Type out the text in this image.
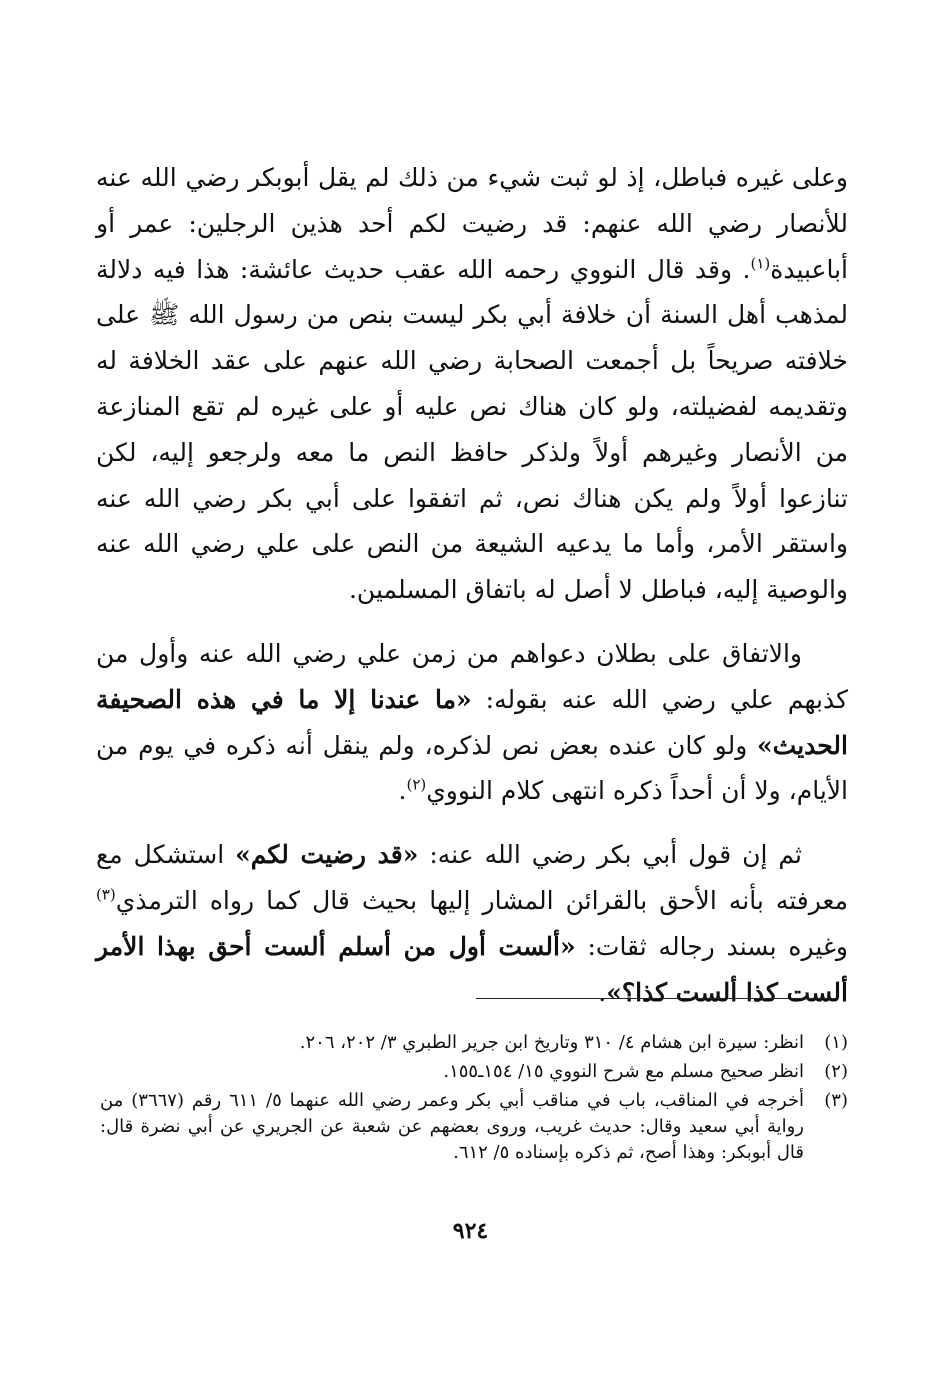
وعلى غيره فباطل، إذ لو ثبت شيء من ذلك لم يقل أبوبكر رضي الله عنه للأنصار رضي الله عنهم: قد رضيت لكم أحد هذين الرجلين: عمر أو أباعبيدة$^{(١)}$. وقد قال النووي رحمه الله عقب حديث عائشة: هذا فيه دلالة لمذهب أهل السنة أن خلافة أبي بكر ليست بنص من رسول الله ﷺ على خلافته صريحاً بل أجمعت الصحابة رضي الله عنهم على عقد الخلافة له وتقديمه لفضيلته، ولو كان هناك نص عليه أو على غيره لم تقع المنازعة من الأنصار وغيرهم أولاً ولذكر حافظ النص ما معه ولرجعو إليه، لكن تنازعوا أولاً ولم يكن هناك نص، ثم اتفقوا على أبي بكر رضي الله عنه واستقر الأمر، وأما ما يدعيه الشيعة من النص على علي رضي الله عنه والوصية إليه، فباطل لا أصل له باتفاق المسلمين.

والاتفاق على بطلان دعواهم من زمن علي رضي الله عنه وأول من كذبهم علي رضي الله عنه بقوله: «ما عندنا إلا ما في هذه الصحيفة الحديث» ولو كان عنده بعض نص لذكره، ولم ينقل أنه ذكره في يوم من الأيام، ولا أن أحداً ذكره انتهى كلام النووي$^{(٢)}$.

ثم إن قول أبي بكر رضي الله عنه: «قد رضيت لكم» استشكل مع معرفته بأنه الأحق بالقرائن المشار إليها بحيث قال كما رواه الترمذي$^{(٣)}$ وغيره بسند رجاله ثقات: «ألست أول من أسلم ألست أحق بهذا الأمر ألست كذا ألست كذا؟».

(١)
انظر: سيرة ابن هشام ٤/ ٣١٠ وتاريخ ابن جرير الطبري ٣/ ٢٠٢، ٢٠٦.
(٢)
انظر صحيح مسلم مع شرح النووي ١٥/ ١٥٤ـ١٥٥.
(٣)
أخرجه في المناقب، باب في مناقب أبي بكر وعمر رضي الله عنهما ٥/ ٦١١ رقم (٣٦٦٧) من رواية أبي سعيد وقال: حديث غريب، وروى بعضهم عن شعبة عن الجريري عن أبي نضرة قال: قال أبوبكر: وهذا أصح، ثم ذكره بإسناده ٥/ ٦١٢.
٩٢٤
